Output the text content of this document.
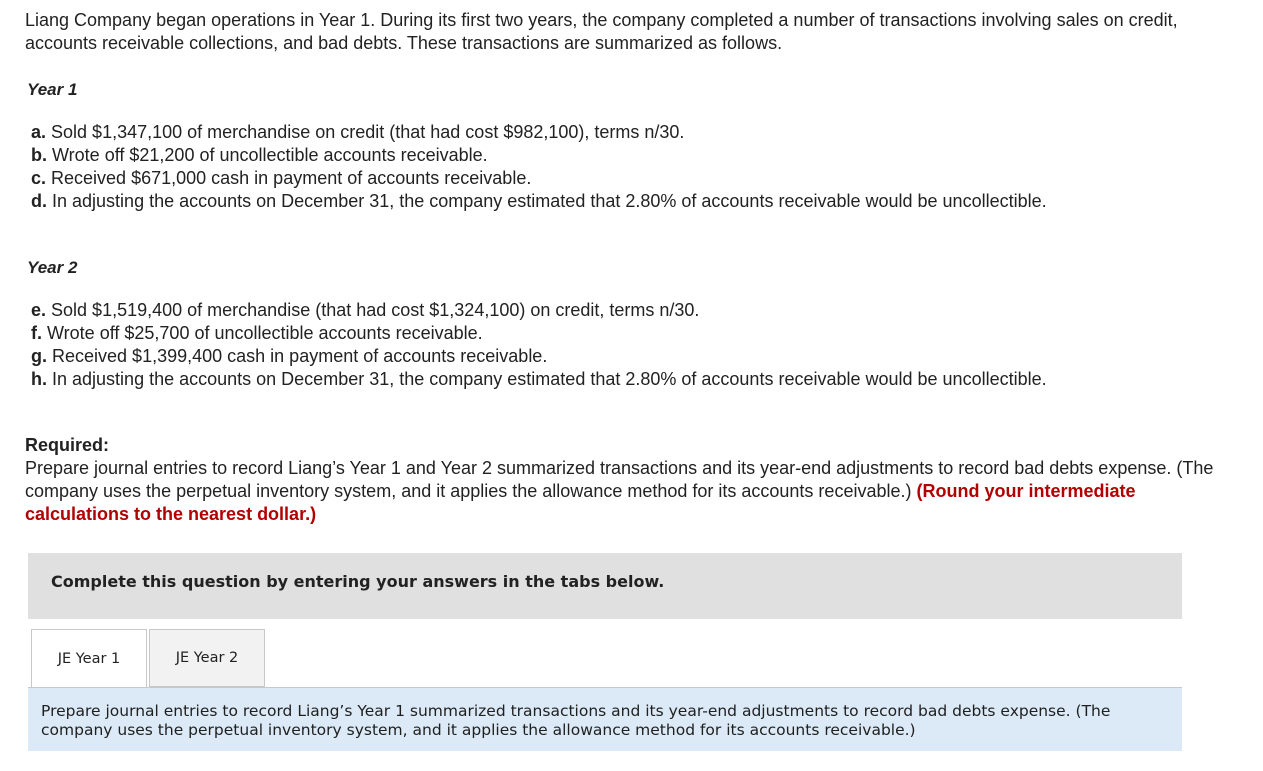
Liang Company began operations in Year 1. During its first two years, the company completed a number of transactions involving sales on credit, accounts receivable collections, and bad debts. These transactions are summarized as follows.
Year 1
a. Sold $1,347,100 of merchandise on credit (that had cost $982,100), terms n/30.
b. Wrote off $21,200 of uncollectible accounts receivable.
c. Received $671,000 cash in payment of accounts receivable.
d. In adjusting the accounts on December 31, the company estimated that 2.80% of accounts receivable would be uncollectible.
Year 2
e. Sold $1,519,400 of merchandise (that had cost $1,324,100) on credit, terms n/30.
f. Wrote off $25,700 of uncollectible accounts receivable.
g. Received $1,399,400 cash in payment of accounts receivable.
h. In adjusting the accounts on December 31, the company estimated that 2.80% of accounts receivable would be uncollectible.
Required:
Prepare journal entries to record Liang’s Year 1 and Year 2 summarized transactions and its year-end adjustments to record bad debts expense. (The company uses the perpetual inventory system, and it applies the allowance method for its accounts receivable.) (Round your intermediate calculations to the nearest dollar.)
Complete this question by entering your answers in the tabs below.
JE Year 1	JE Year 2
Prepare journal entries to record Liang’s Year 1 summarized transactions and its year-end adjustments to record bad debts expense. (The company uses the perpetual inventory system, and it applies the allowance method for its accounts receivable.)
